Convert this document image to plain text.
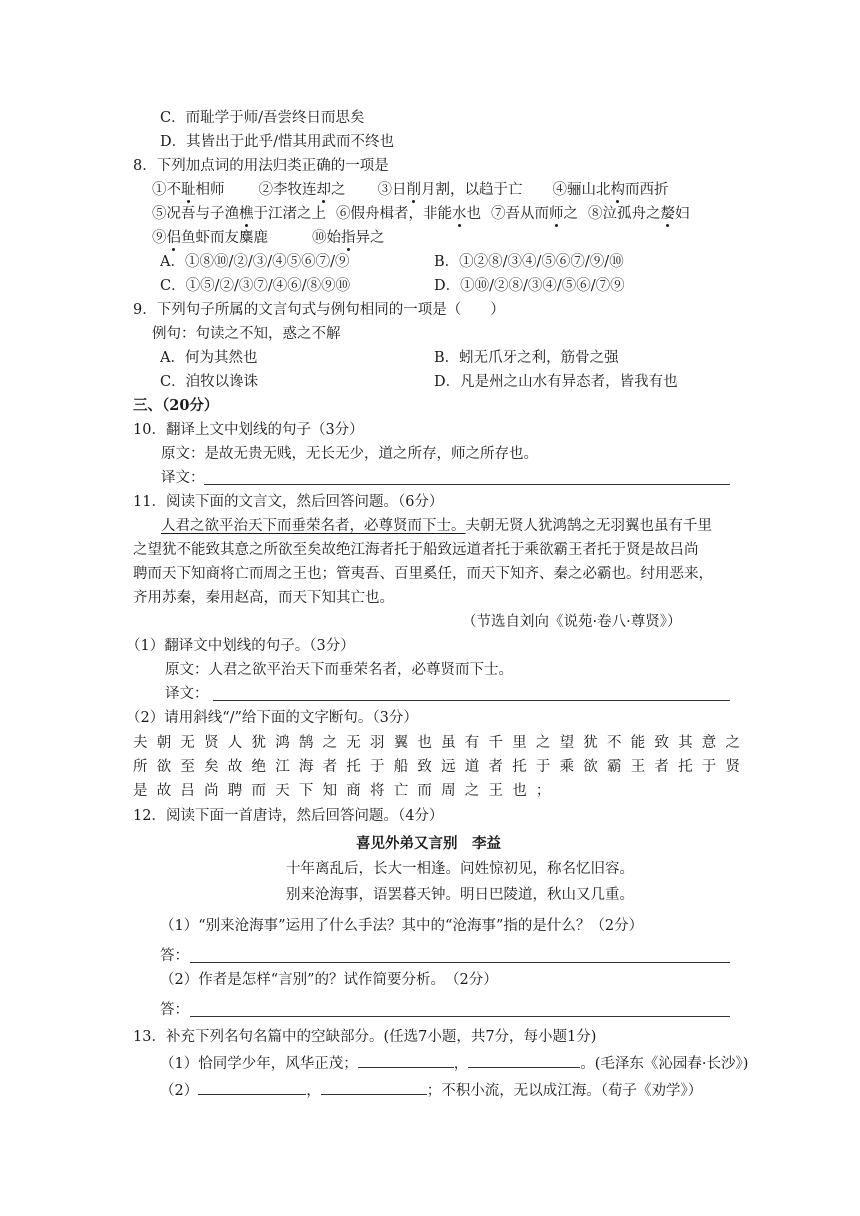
C．而耻学于师/吾尝终日而思矣
D．其皆出于此乎/惜其用武而不终也
8．下列加点词的用法归类正确的一项是
①不耻相师 ②李牧连却之 ③日削月割，以趋于亡 ④骊山北构而西折
⑤况吾与子渔樵于江渚之上 ⑥假舟楫者，非能水也 ⑦吾从而师之 ⑧泣孤舟之嫠妇
⑨侣鱼虾而友麋鹿	⑩始指异之
A．①⑧⑩/②/③/④⑤⑥⑦/⑨	B．①②⑧/③④/⑤⑥⑦/⑨/⑩
C．①⑤/②/③⑦/④⑥/⑧⑨⑩	D．①⑩/②⑧/③④/⑤⑥/⑦⑨
9．下列句子所属的文言句式与例句相同的一项是（　　）
例句：句读之不知，惑之不解
A．何为其然也	B．蚓无爪牙之利，筋骨之强
C．洎牧以谗诛	D．凡是州之山水有异态者，皆我有也
三、（20分）
10．翻译上文中划线的句子（3分）
原文：是故无贵无贱，无长无少，道之所存，师之所存也。
译文：
11．阅读下面的文言文，然后回答问题。（6分）
人君之欲平治天下而垂荣名者，必尊贤而下士。夫朝无贤人犹鸿鹄之无羽翼也虽有千里
之望犹不能致其意之所欲至矣故绝江海者托于船致远道者托于乘欲霸王者托于贤是故吕尚
聘而天下知商将亡而周之王也；管夷吾、百里奚任，而天下知齐、秦之必霸也。纣用恶来，
齐用苏秦，秦用赵高，而天下知其亡也。
（节选自刘向《说苑·卷八·尊贤》）
（1）翻译文中划线的句子。（3分）
原文：人君之欲平治天下而垂荣名者，必尊贤而下士。
译文：
（2）请用斜线“/”给下面的文字断句。（3分）
夫朝无贤人犹鸿鹄之无羽翼也虽有千里之望犹不能致其意之
所欲至矣故绝江海者托于船致远道者托于乘欲霸王者托于贤
是故吕尚聘而天下知商将亡而周之王也；
12．阅读下面一首唐诗，然后回答问题。（4分）
喜见外弟又言别　李益
十年离乱后，长大一相逢。问姓惊初见，称名忆旧容。
别来沧海事，语罢暮天钟。明日巴陵道，秋山又几重。
（1）“别来沧海事”运用了什么手法？其中的“沧海事”指的是什么？（2分）
答：
（2）作者是怎样“言别”的？试作简要分析。　（2分）
答：
13．补充下列名句名篇中的空缺部分。(任选7小题，共7分，每小题1分)
（1）恰同学少年，风华正茂；	，	。(毛泽东《沁园春·长沙》)
（2）	，	；不积小流，无以成江海。（荀子《劝学》）
